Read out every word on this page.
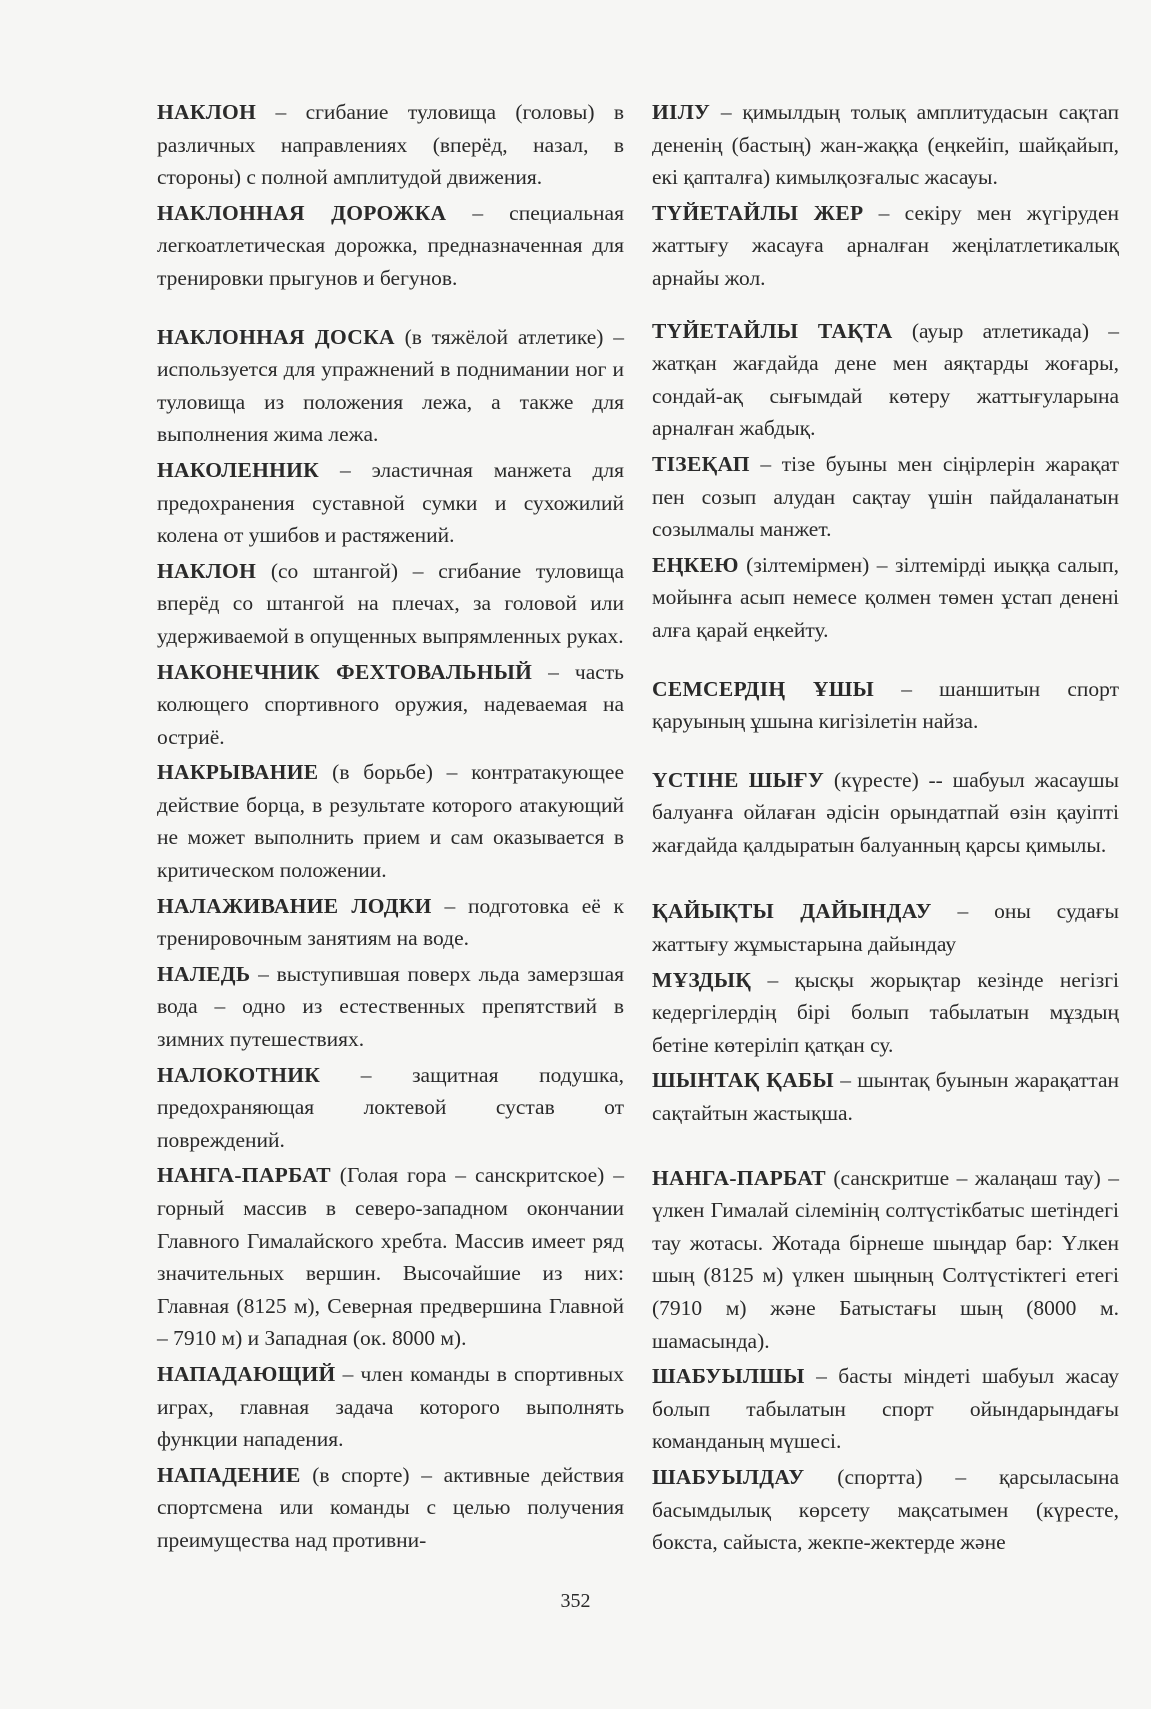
НАКЛОН – сгибание туловища (головы) в различных направлениях (вперёд, назал, в стороны) с полной амплитудой движения.

НАКЛОННАЯ ДОРОЖКА – специальная легкоатлетическая дорожка, предназначенная для тренировки прыгунов и бегунов.

НАКЛОННАЯ ДОСКА (в тяжёлой атлетике) – используется для упражнений в поднимании ног и туловища из положения лежа, а также для выполнения жима лежа.

НАКОЛЕННИК – эластичная манжета для предохранения суставной сумки и сухожилий колена от ушибов и растяжений.

НАКЛОН (со штангой) – сгибание туловища вперёд со штангой на плечах, за головой или удерживаемой в опущенных выпрямленных руках.

НАКОНЕЧНИК ФЕХТОВАЛЬНЫЙ – часть колющего спортивного оружия, надеваемая на остриё.

НАКРЫВАНИЕ (в борьбе) – контратакующее действие борца, в результате которого атакующий не может выполнить прием и сам оказывается в критическом положении.

НАЛАЖИВАНИЕ ЛОДКИ – подготовка её к тренировочным занятиям на воде.

НАЛЕДЬ – выступившая поверх льда замерзшая вода – одно из естественных препятствий в зимних путешествиях.

НАЛОКОТНИК – защитная подушка, предохраняющая локтевой сустав от повреждений.

НАНГА-ПАРБАТ (Голая гора – санскритское) – горный массив в северо-западном окончании Главного Гималайского хребта. Массив имеет ряд значительных вершин. Высочайшие из них: Главная (8125 м), Северная предвершина Главной – 7910 м) и Западная (ок. 8000 м).

НАПАДАЮЩИЙ – член команды в спортивных играх, главная задача которого выполнять функции нападения.

НАПАДЕНИЕ (в спорте) – активные действия спортсмена или команды с целью получения преимущества над противни-

ИІЛУ – қимылдың толық амплитудасын сақтап дененің (бастың) жан-жаққа (еңкейіп, шайқайып, екі қапталға) кимылқозғалыс жасауы.

ТҮЙЕТАЙЛЫ ЖЕР – секіру мен жүгіруден жаттығу жасауға арналған жеңілатлетикалық арнайы жол.

ТҮЙЕТАЙЛЫ ТАҚТА (ауыр атлетикада) – жатқан жағдайда дене мен аяқтарды жоғары, сондай-ақ сығымдай көтеру жаттығуларына арналған жабдық.

ТІЗЕҚАП – тізе буыны мен сіңірлерін жарақат пен созып алудан сақтау үшін пайдаланатын созылмалы манжет.

ЕҢКЕЮ (зілтемірмен) – зілтемірді иыққа салып, мойынға асып немесе қолмен төмен ұстап денені алға қарай еңкейту.

СЕМСЕРДІҢ ҰШЫ – шаншитын спорт қаруының ұшына кигізілетін найза.

ҮСТІНЕ ШЫҒУ (күресте) -- шабуыл жасаушы балуанға ойлаған әдісін орындатпай өзін қауіпті жағдайда қалдыратын балуанның қарсы қимылы.

ҚАЙЫҚТЫ ДАЙЫНДАУ – оны судағы жаттығу жұмыстарына дайындау

МҰЗДЫҚ – қысқы жорықтар кезінде негізгі кедергілердің бірі болып табылатын мұздың бетіне көтеріліп қатқан су.

ШЫНТАҚ ҚАБЫ – шынтақ буынын жарақаттан сақтайтын жастықша.

НАНГА-ПАРБАТ (санскритше – жалаңаш тау) – үлкен Гималай сілемінің солтүстікбатыс шетіндегі тау жотасы. Жотада бірнеше шыңдар бар: Үлкен шың (8125 м) үлкен шыңның Солтүстіктегі етегі (7910 м) және Батыстағы шың (8000 м. шамасында).

ШАБУЫЛШЫ – басты міндеті шабуыл жасау болып табылатын спорт ойындарындағы команданың мүшесі.

ШАБУЫЛДАУ (спортта) – қарсыласына басымдылық көрсету мақсатымен (күресте, бокста, сайыста, жекпе-жектерде және

352
